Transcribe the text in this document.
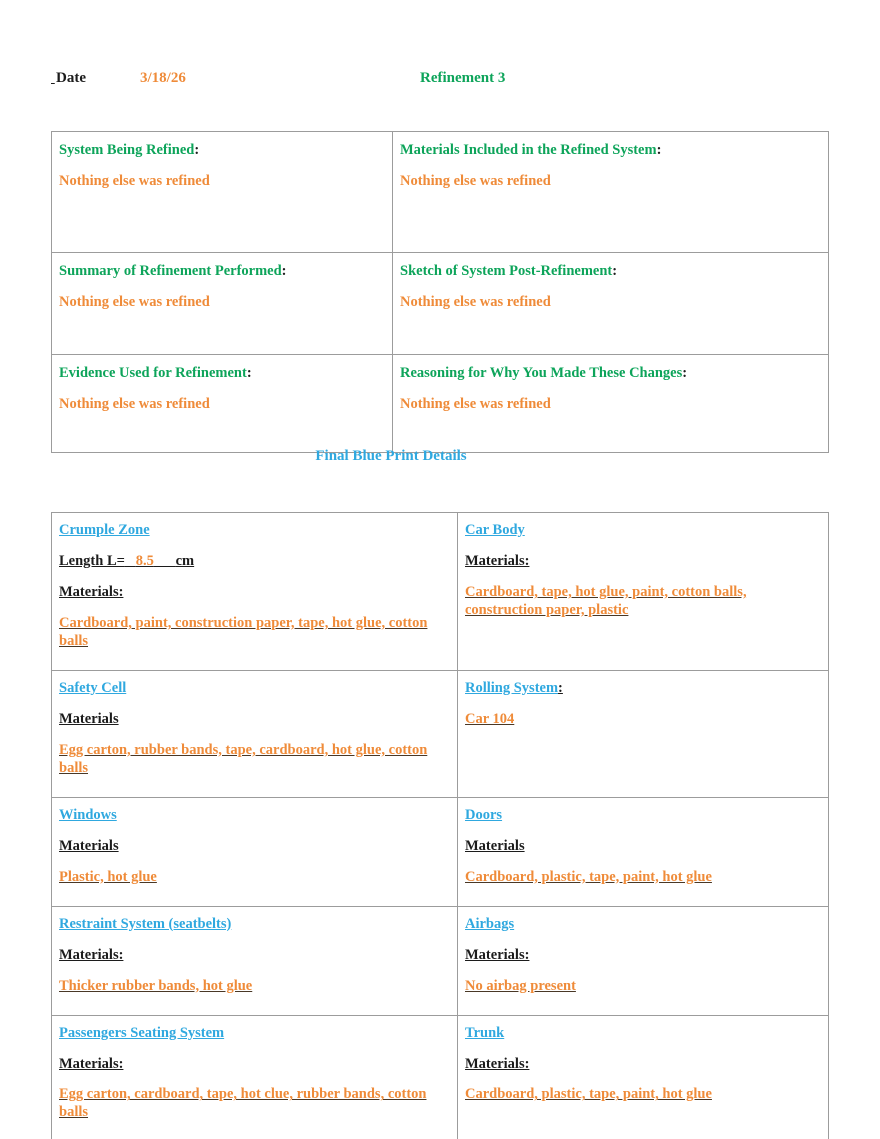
Date	3/18/26	Refinement 3

System Being Refined:

Nothing else was refined

Materials Included in the Refined System:

Nothing else was refined

Summary of Refinement Performed:

Nothing else was refined

Sketch of System Post-Refinement:

Nothing else was refined

Evidence Used for Refinement:

Nothing else was refined

Reasoning for Why You Made These Changes:

Nothing else was refined

Final Blue Print Details

Crumple Zone

Length L= 8.5 cm

Materials:

Cardboard, paint, construction paper, tape, hot glue, cotton balls

Car Body

Materials:

Cardboard, tape, hot glue, paint, cotton balls, construction paper, plastic

Safety Cell

Materials

Egg carton, rubber bands, tape, cardboard, hot glue, cotton balls

Rolling System:

Car 104

Windows

Materials

Plastic, hot glue

Doors

Materials

Cardboard, plastic, tape, paint, hot glue

Restraint System (seatbelts)

Materials:

Thicker rubber bands, hot glue

Airbags

Materials:

No airbag present

Passengers Seating System

Materials:

Egg carton, cardboard, tape, hot clue, rubber bands, cotton balls

Trunk

Materials:

Cardboard, plastic, tape, paint, hot glue
